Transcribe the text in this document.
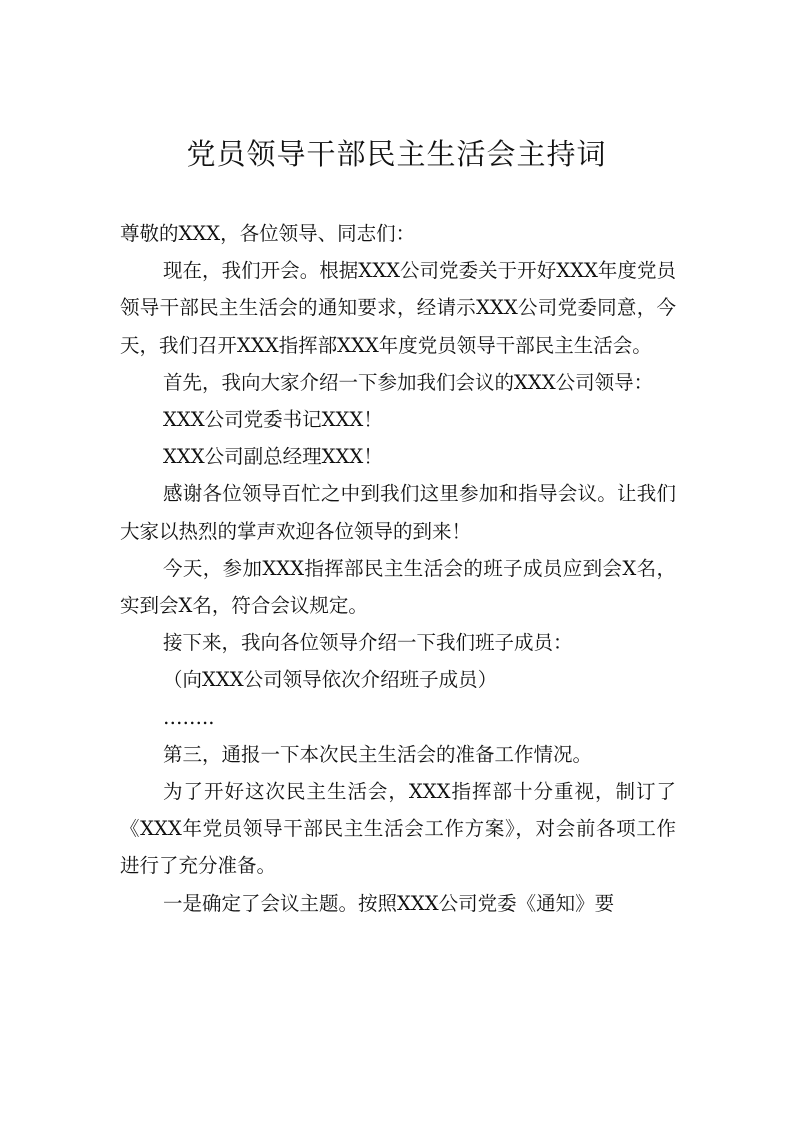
党员领导干部民主生活会主持词

尊敬的XXX，各位领导、同志们：

现在，我们开会。根据XXX公司党委关于开好XXX年度党员领导干部民主生活会的通知要求，经请示XXX公司党委同意，今天，我们召开XXX指挥部XXX年度党员领导干部民主生活会。

首先，我向大家介绍一下参加我们会议的XXX公司领导：

XXX公司党委书记XXX！

XXX公司副总经理XXX！

感谢各位领导百忙之中到我们这里参加和指导会议。让我们大家以热烈的掌声欢迎各位领导的到来！

今天，参加XXX指挥部民主生活会的班子成员应到会X名，实到会X名，符合会议规定。

接下来，我向各位领导介绍一下我们班子成员：

（向XXX公司领导依次介绍班子成员）

……..

第三，通报一下本次民主生活会的准备工作情况。

为了开好这次民主生活会，XXX指挥部十分重视，制订了《XXX年党员领导干部民主生活会工作方案》，对会前各项工作进行了充分准备。

一是确定了会议主题。按照XXX公司党委《通知》要
